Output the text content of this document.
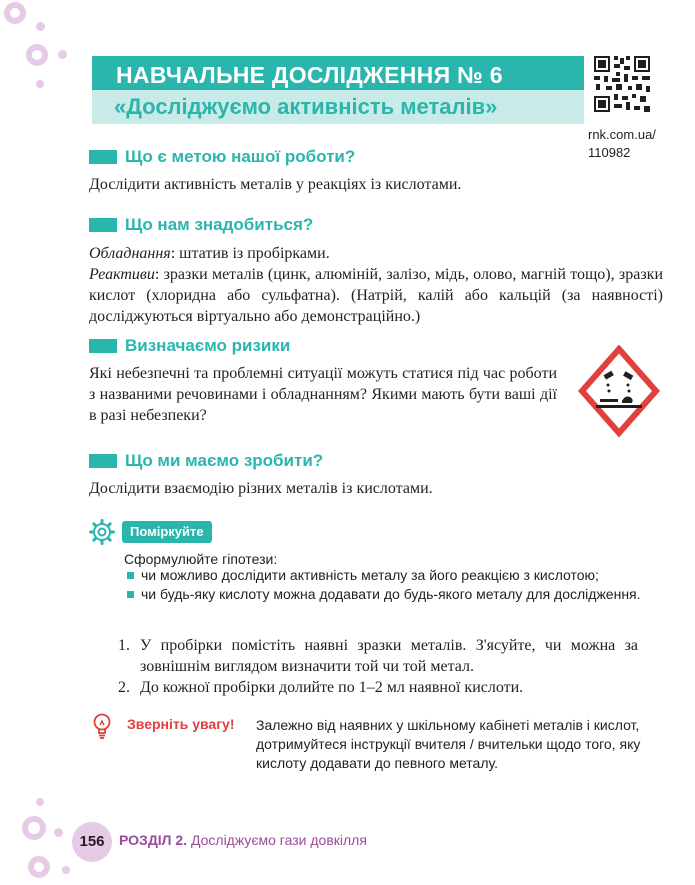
НАВЧАЛЬНЕ ДОСЛІДЖЕННЯ № 6
«Досліджуємо активність металів»
rnk.com.ua/
110982
Що є метою нашої роботи?

Дослідити активність металів у реакціях із кислотами.

Що нам знадобиться?

Обладнання: штатив із пробірками.

Реактиви: зразки металів (цинк, алюміній, залізо, мідь, олово, магній тощо), зразки кислот (хлоридна або сульфатна). (Натрій, калій або кальцій (за наявності) досліджуються віртуально або демонстраційно.)

Визначаємо ризики

Які небезпечні та проблемні ситуації можуть статися під час роботи з названими речовинами і обладнанням? Якими мають бути ваші дії в разі небезпеки?

Що ми маємо зробити?

Дослідити взаємодію різних металів із кислотами.

Поміркуйте
Сформулюйте гіпотези:
чи можливо дослідити активність металу за його реакцією з кислотою;
чи будь-яку кислоту можна додавати до будь-якого металу для дослідження.
1. У пробірки помістіть наявні зразки металів. З'ясуйте, чи можна за зовнішнім виглядом визначити той чи той метал.
2. До кожної пробірки долийте по 1–2 мл наявної кислоти.
Зверніть увагу! Залежно від наявних у шкільному кабінеті металів і кислот, дотримуйтеся інструкції вчителя / вчительки щодо того, яку кислоту додавати до певного металу.
156	РОЗДІЛ 2. Досліджуємо гази довкілля
